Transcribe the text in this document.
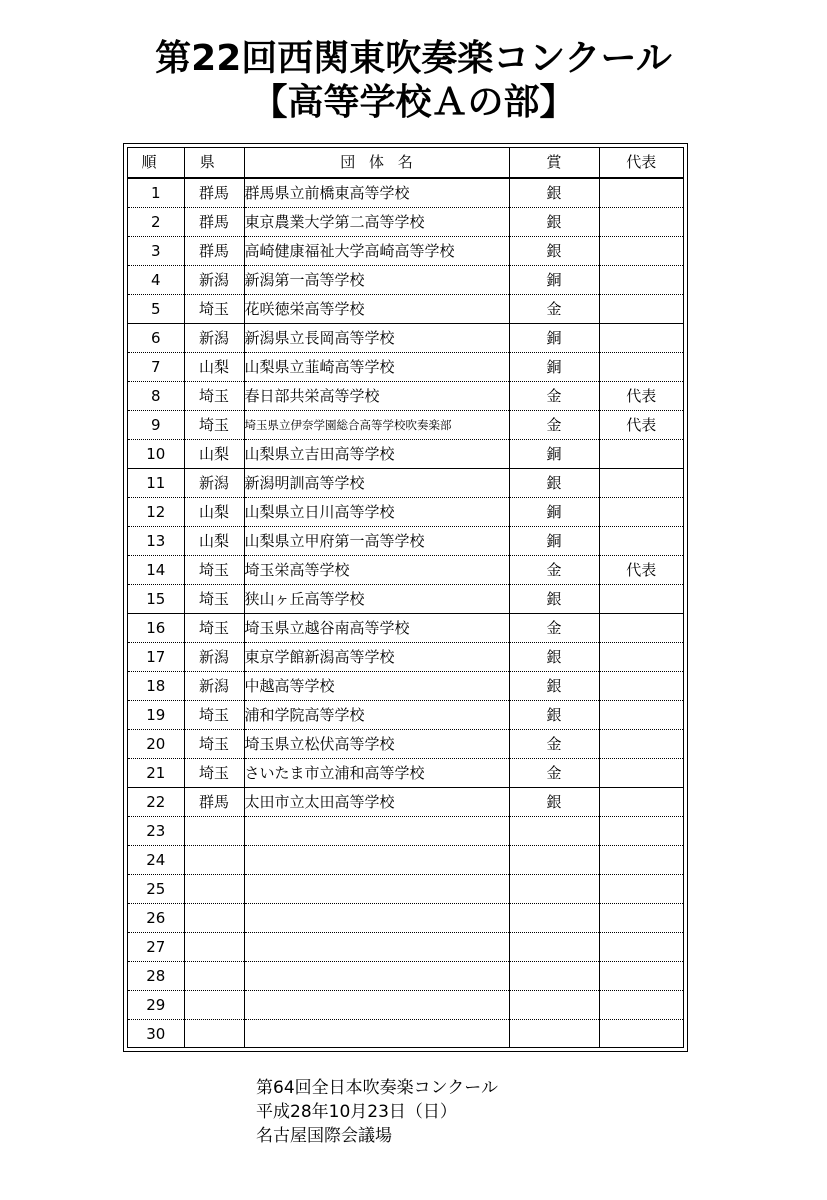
第22回西関東吹奏楽コンクール
【高等学校Ａの部】
順	県	団 体 名	賞	代表
1	群馬	群馬県立前橋東高等学校	銀	
2	群馬	東京農業大学第二高等学校	銀	
3	群馬	高崎健康福祉大学高崎高等学校	銀	
4	新潟	新潟第一高等学校	銅	
5	埼玉	花咲徳栄高等学校	金	
6	新潟	新潟県立長岡高等学校	銅	
7	山梨	山梨県立韮崎高等学校	銅	
8	埼玉	春日部共栄高等学校	金	代表
9	埼玉	埼玉県立伊奈学園総合高等学校吹奏楽部	金	代表
10	山梨	山梨県立吉田高等学校	銅	
11	新潟	新潟明訓高等学校	銀	
12	山梨	山梨県立日川高等学校	銅	
13	山梨	山梨県立甲府第一高等学校	銅	
14	埼玉	埼玉栄高等学校	金	代表
15	埼玉	狭山ヶ丘高等学校	銀	
16	埼玉	埼玉県立越谷南高等学校	金	
17	新潟	東京学館新潟高等学校	銀	
18	新潟	中越高等学校	銀	
19	埼玉	浦和学院高等学校	銀	
20	埼玉	埼玉県立松伏高等学校	金	
21	埼玉	さいたま市立浦和高等学校	金	
22	群馬	太田市立太田高等学校	銀	
23				
24				
25				
26				
27				
28				
29				
30				
第64回全日本吹奏楽コンクール
平成28年10月23日（日）
名古屋国際会議場
